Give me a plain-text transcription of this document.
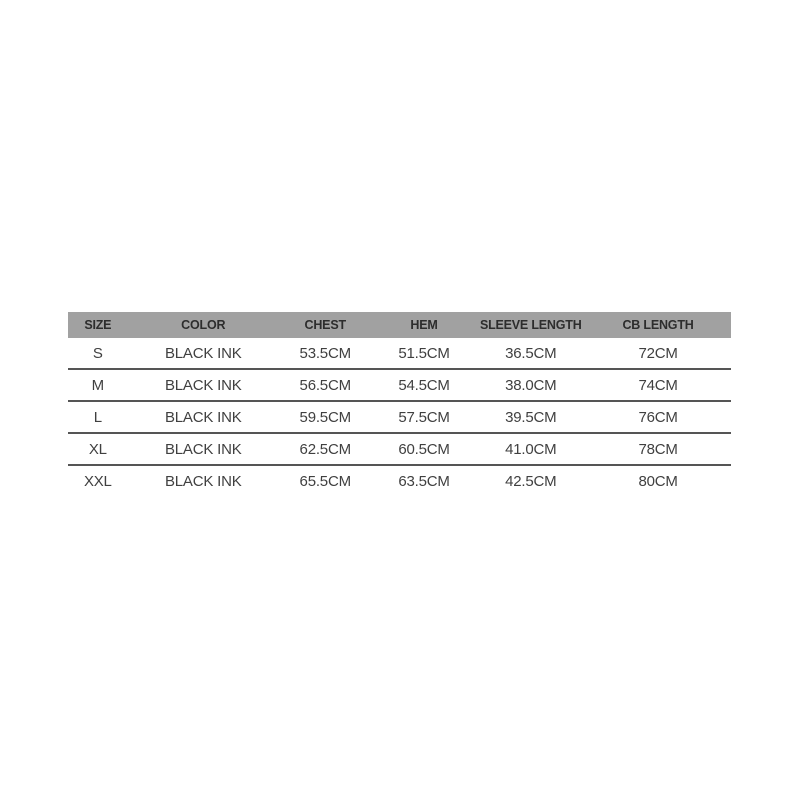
SIZE	COLOR	CHEST	HEM	SLEEVE LENGTH	CB LENGTH
S	BLACK INK	53.5CM	51.5CM	36.5CM	72CM
M	BLACK INK	56.5CM	54.5CM	38.0CM	74CM
L	BLACK INK	59.5CM	57.5CM	39.5CM	76CM
XL	BLACK INK	62.5CM	60.5CM	41.0CM	78CM
XXL	BLACK INK	65.5CM	63.5CM	42.5CM	80CM
